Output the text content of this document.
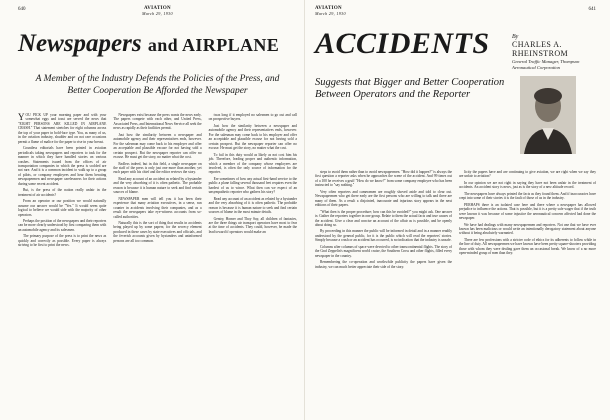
640	AVIATION
March 29, 1930
Newspapers and AIRPLANE
A Member of the Industry Defends the Policies of the Press, and Better Cooperation Be Afforded the Newspaper

YOU PICK UP your morning paper and with your somewhat eggs and toast are served the news that "EIGHT PERSONS ARE KILLED IN AIRPLANE CRASH." That statement stretches for eight columns across the top of your paper in bold-face type. You, as many of us, in the aviation industry, shudder and on not rare occasions permit a flame of malice for the paper to rise in your breast.

Countless editorials have been printed in aviation periodicals taking newspapers and reporters to task for the manner in which they have handled stories on various crashes. Statements issued from the offices of air transportation companies in which the press is scolded are not rare. And it is a common incident to walk up to a group of pilots, or company employees and hear them berating newspapermen and newspaper carelessness for their actions during some recent accident.

But, is the press of the nation really unfair in the treatment of air accidents?

From an operator or our position we would naturally assume our answer would be "Yes." It would seem quite logical to believe we would side with the majority of other operators.

Perhaps the position of the newspapers and their reporters can be more clearly understood by first comparing them with an automobile agency and its salesmen.

The primary purpose of the press is to print the news as quickly and correctly as possible. Every paper is always striving to be first to print the news.

Newspapers exist because the press wants the news early. The papers compete with each other, and United Press, Associated Press, and International News Service all seek the news as rapidly as their facilities permit.

Just how the similarity between a newspaper and automobile agency and their representatives ends, however. For the salesman may come back to his employer and offer an acceptable and plausible excuse for not having sold a certain prospect. But the newspaper reporter can offer no excuse. He must get the story, no matter what the cost.

Endless indeed, but in this field, a single newspaper on the staff of the press is only just one more than another, yet each paper with his chief and the editor reviews the story.

Read any account of an accident as related by a bystander and the very absorbing of it is often pathetic. The probable reason is because it is human nature to seek and find certain sources of blame.

NEWSPAPER men will tell you it has been their experience that many aviation executives, in a sense, run counter in accidents involving their companies, and as a result the newspapers take eye-witness accounts from so-called authorities.

Naturally this is the sort of thing that results in accidents being played up by some papers; for the secrecy element produced in these cases by state executives and officials, and the feverish accounts given by bystanders and uninformed persons are all too common.

twas long if it employed no salesmen to go out and call on prospective buyers.

Just how the similarity between a newspaper and automobile agency and their representatives ends, however. For the salesman may come back to his employer and offer an acceptable and plausible excuse for not having sold a certain prospect. But the newspaper reporter can offer no excuse. He must get the story, no matter what the cost.

To fail in this duty would as likely as not cost him his job. Therefore, leading proper and authentic information, which a member of the company whose employees are involved, is often the only source of information for the reporter.

Ere sometimes of how any actual first-hand service to the public a plane falling several thousand feet requires even the hardest of us to wince. What then can we expect of an unsympathetic reporter who gathers his story?

Read any account of an accident as related by a bystander and the very absorbing of it is often pathetic. The probable reason is because it is human nature to seek and find certain sources of blame in the most minute details.

Gentry, Homer and Thoy Say, all children of fantasies, are the three things air transport operators have most to fear at the time of accidents. They could, however, be made the lead toward if operators would make an

AVIATION
March 29, 1930
641
ACCIDENTS
Suggests that Bigger and Better Cooperation Between Operators and the Reporter
By
CHARLES A. RHEINSTROM
General Traffic Manager, Thompson Aeronautical Corporation

steps to avoid them rather than to avoid newspapermen. "How did it happen?" is always the first question a reporter asks when he approaches the scene of the accident. And 99 times out of a 100 he receives a gruff "How do we know?" from some company employee who has been instructed to "say nothing."

Very often reporters and cameramen are roughly shoved aside and told to clear out. Newspapermen who get there early are the first persons who are willing to talk and there are many of them. As a result a disjointed, inaccurate and injurious story appears in the next editions of their papers.

"What then is the proper procedure; how can this be avoided?" you might ask. One answer is: Gather the reporters together in one group. Relate to them the actual facts and true causes of the accident. Give a clear and concise an account of the affair as is possible, and be openly about doing so.

By proceeding in this manner the public will be informed in detail and in a manner readily understood by the general public, for it is the public which will read the reporters' stories. Simply because a crash or an accident has occurred, is no indication that the industry is unsafe.

Columns after columns of space were devoted to other transcontinental flights. The story of the Graf Zeppelin's magnificent world cruise, the Southern Cross and other flights, filled every newspaper in the country.

Remembering the co-operation and worthwhile publicity the papers have given the industry, we can much better appreciate their side of the story.

licity the papers have and are continuing to give aviation, we are right when we say they are unfair to aviation?

In our opinion we are not right in saying they have not been unfair in the treatment of accidents. An accident story is news, just as is the story of a new altitude record.

The newspapers have always printed the facts as they found them. And if inaccuracies have crept into some of their stories it is the fault of those of us in the industry.

PERHAPS there is an isolated case here and there where a newspaper has allowed prejudice to influence the actions. That is possible, but it is a pretty safe wager that if the truth were known it was because of some injustice the aeronautical concern affected had done the newspaper.

We have had dealings with many newspapermen and reporters. Not one that we have ever known has been malicious or would write an intentionally derogatory statement about anyone without it being absolutely warranted.

There are few professions with a stricter code of ethics for its adherents to follow while in the line of duty. All newspapermen we have known have been pretty square-shooters providing those with whom they were dealing gave them an occasional break. We know of a no more open-minded group of men than they.
